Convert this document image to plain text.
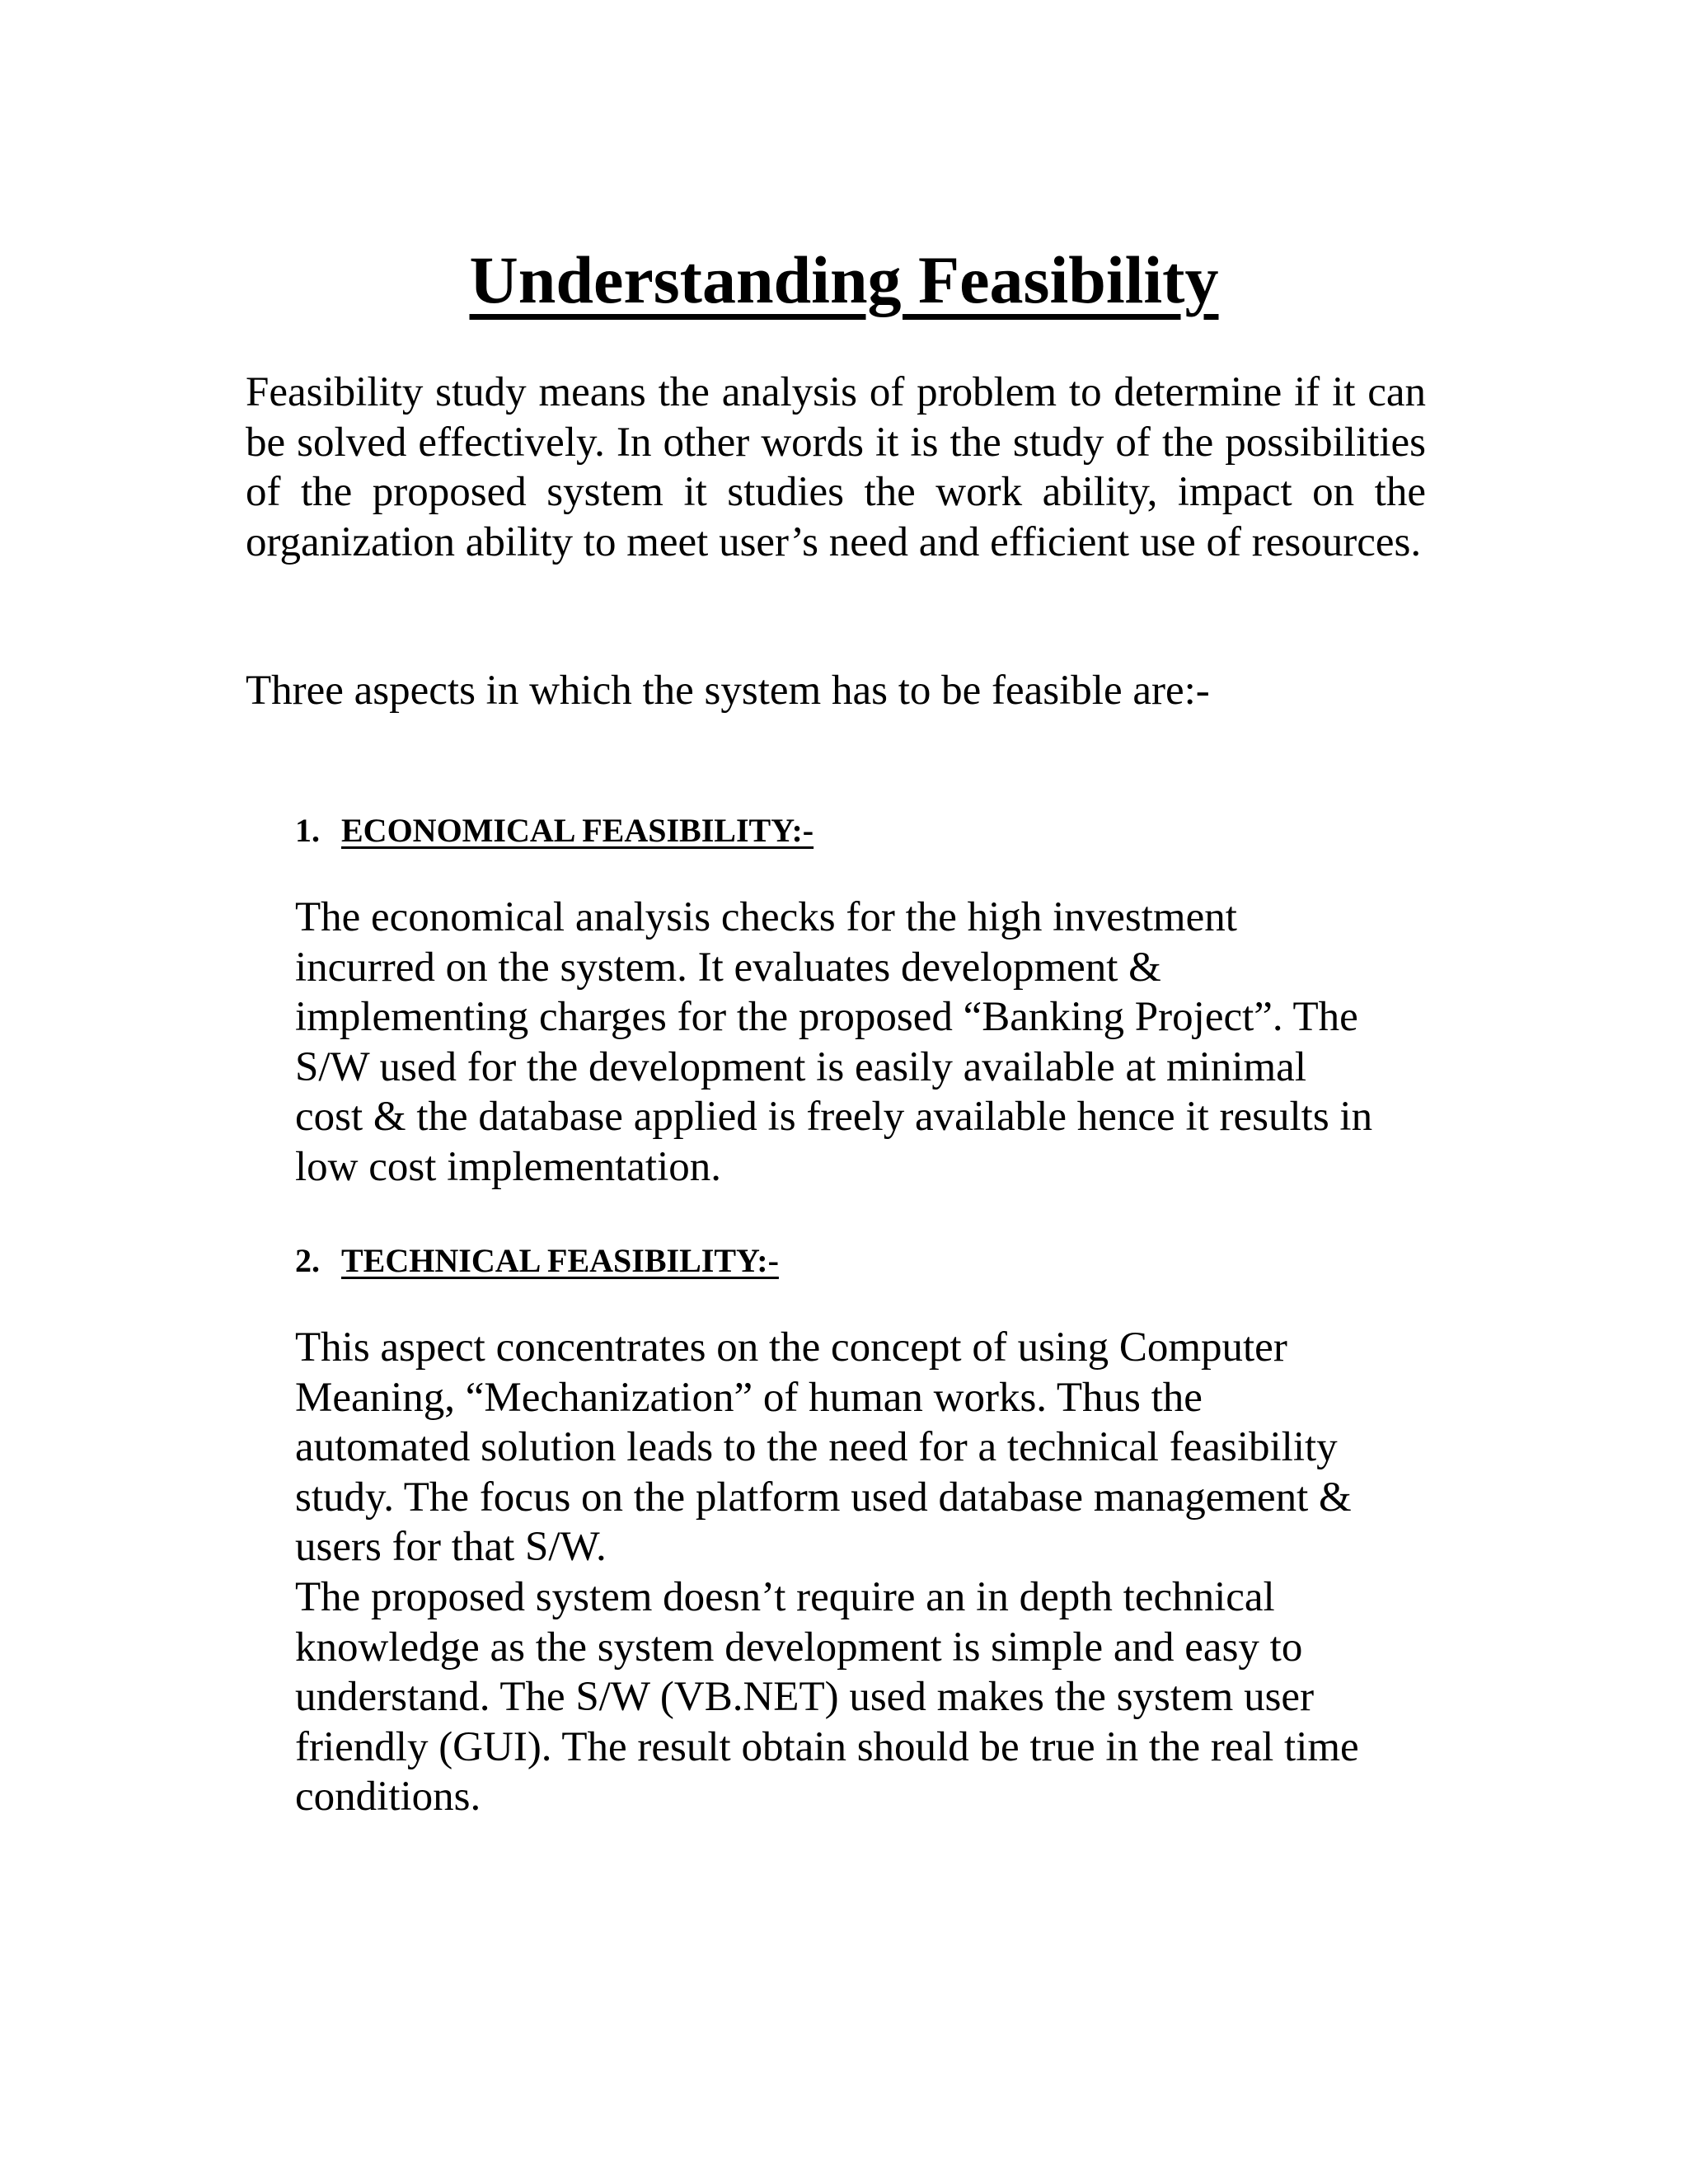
Understanding Feasibility
Feasibility study means the analysis of problem to determine if it can be solved effectively. In other words it is the study of the possibilities of the proposed system it studies the work ability, impact on the organization ability to meet user’s need and efficient use of resources.
Three aspects in which the system has to be feasible are:-
1. ECONOMICAL FEASIBILITY:-
The economical analysis checks for the high investment
incurred on the system. It evaluates development &
implementing charges for the proposed “Banking Project”. The
S/W used for the development is easily available at minimal
cost & the database applied is freely available hence it results in
low cost implementation.
2. TECHNICAL FEASIBILITY:-
This aspect concentrates on the concept of using Computer
Meaning, “Mechanization” of human works. Thus the
automated solution leads to the need for a technical feasibility
study. The focus on the platform used database management &
users for that S/W.
The proposed system doesn’t require an in depth technical
knowledge as the system development is simple and easy to
understand. The S/W (VB.NET) used makes the system user
friendly (GUI). The result obtain should be true in the real time
conditions.
